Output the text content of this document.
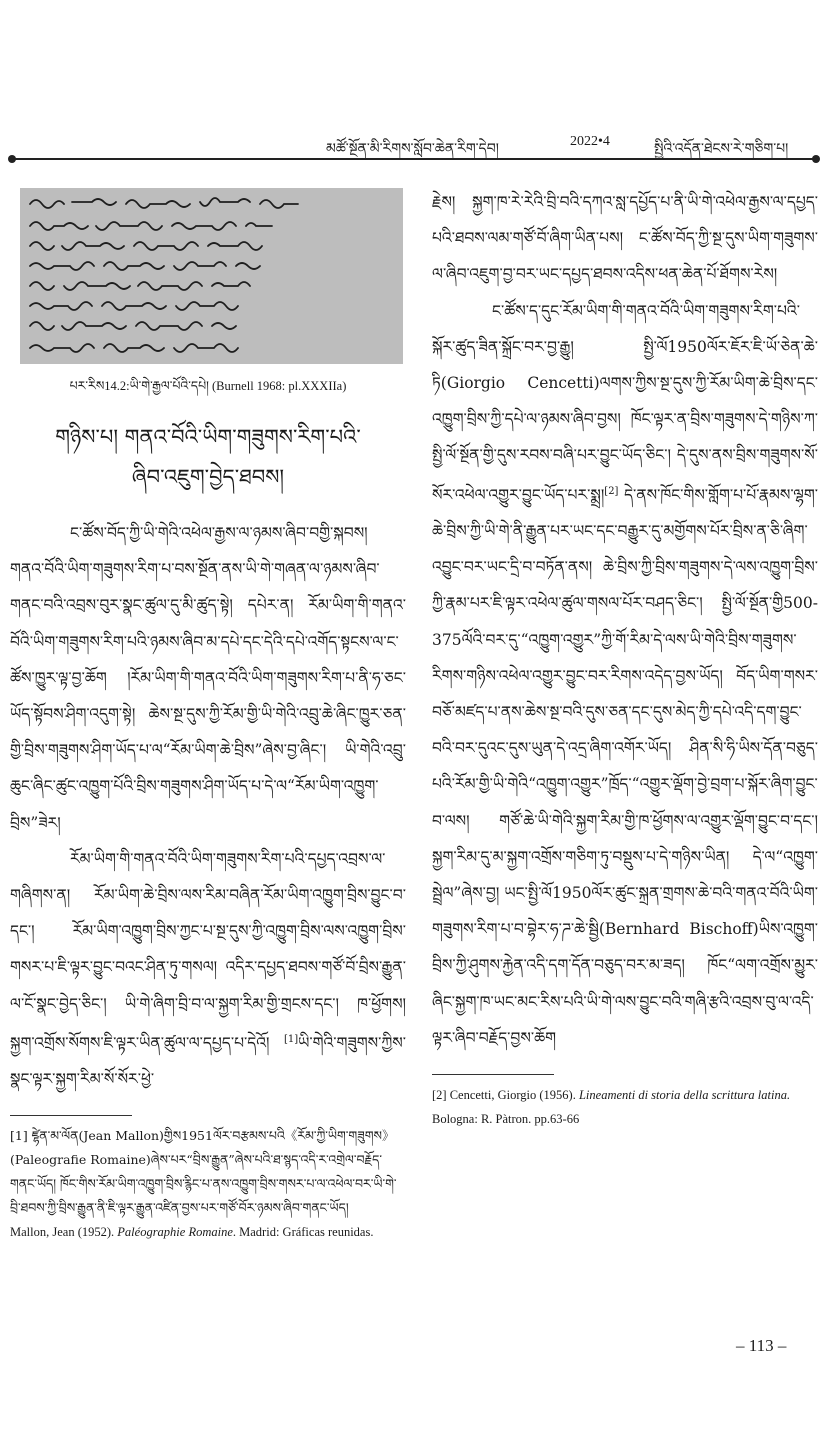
མཚོ་སྔོན་མི་རིགས་སློབ་ཆེན་རིག་དེབ།	2022•4	སྤྱིའི་འདོན་ཐེངས་རེ་གཅིག་པ།
པར་རིས14.2:ཡི་གེ་རྒྱལ་པོའི་དཔེ། (Burnell 1968: pl.XXXIIa)
གཉིས་པ། གནའ་བོའི་ཡིག་གཟུགས་རིག་པའི་
ཞིབ་འཇུག་བྱེད་ཐབས།

ང་ཚོས་བོད་ཀྱི་ཡི་གེའི་འཕེལ་རྒྱས་ལ་ཉམས་ཞིབ་བགྱི་སྐབས། གནའ་བོའི་ཡིག་གཟུགས་རིག་པ་བས་སྔོན་ནས་ཡི་གེ་གཞན་ལ་ཉམས་ཞིབ་གནང་བའི་འབྲས་བུར་སྣང་ཚུལ་དུ་མི་ཚུད་སྟེ། དཔེར་ན། རོམ་ཡིག་གི་གནའ་བོའི་ཡིག་གཟུགས་རིག་པའི་ཉམས་ཞིབ་མ་དཔེ་དང་དེའི་དཔེ་འགོད་སྟངས་ལ་ང་ཚོས་ཁྱུར་ལྟ་བྱ་ཆོག །རོམ་ཡིག་གི་གནའ་བོའི་ཡིག་གཟུགས་རིག་པ་ནི་ཧ་ཅང་ཡོད་སྟོབས་ཤིག་འདུག་སྟེ། ཆེས་སྔ་དུས་ཀྱི་རོམ་གྱི་ཡི་གེའི་འབྲུ་ཆེ་ཞིང་ཁྱུར་ཅན་གྱི་བྲིས་གཟུགས་ཤིག་ཡོད་པ་ལ“རོམ་ཡིག་ཆེ་བྲིས”ཞེས་བྱ་ཞིང་། ཡི་གེའི་འབྲུ་ཆུང་ཞིང་ཚུང་འཁྱུག་པོའི་བྲིས་གཟུགས་ཤིག་ཡོད་པ་དེ་ལ“རོམ་ཡིག་འཁྱུག་བྲིས”ཟེར།

རོམ་ཡིག་གི་གནའ་བོའི་ཡིག་གཟུགས་རིག་པའི་དཔྱད་འབྲས་ལ་གཞིགས་ན། རོམ་ཡིག་ཆེ་བྲིས་ལས་རིམ་བཞིན་རོམ་ཡིག་འཁྱུག་བྲིས་བྱུང་བ་དང་། རོམ་ཡིག་འཁྱུག་བྲིས་ཀྱང་པ་སྔ་དུས་ཀྱི་འཁྱུག་བྲིས་ལས་འཁྱུག་བྲིས་གསར་པ་ཇི་ལྟར་བྱུང་བའང་ཤིན་ཏུ་གསལ། འདིར་དཔྱད་ཐབས་གཙོ་བོ་བྲིས་རྒྱུན་ལ་ངོ་སྣང་བྱེད་ཅིང་། ཡི་གེ་ཞིག་བྲི་བ་ལ་སྐྱག་རིམ་གྱི་གྲངས་དང་། ཁ་ཕྱོགས། སྐྱག་འགྲོས་སོགས་ཇི་ལྟར་ཡིན་ཚུལ་ལ་དཔྱད་པ་དེའོ། [1]ཡི་གེའི་གཟུགས་ཀྱིས་སྣང་ལྟར་སྐྱག་རིམ་སོ་སོར་ཕྱེ་

[1] ཛྷེན་མ་ལོན(Jean Mallon)གྱིས1951ལོར་བརྩམས་པའི《རོམ་ཀྱི་ཡིག་གཟུགས》(Paleografie Romaine)ཞེས་པར“བྲིས་རྒྱུན”ཞེས་པའི་ཐ་སྙད་འདི་ར་འགྲེལ་བརྗོད་གནང་ཡོད། ཁོང་གིས་རོམ་ཡིག་འཁྱུག་བྲིས་རྙིང་པ་ནས་འཁྱུག་བྲིས་གསར་པ་ལ་འཕེལ་བར་ཡི་གེ་བྲི་ཐབས་ཀྱི་བྲིས་རྒྱུན་ནི་ཇི་ལྟར་རྒྱུན་འཛིན་བྱས་པར་གཙོ་བོར་ཉམས་ཞིབ་གནང་ཡོད།

Mallon, Jean (1952). Paléographie Romaine. Madrid: Gráficas reunidas.

རྗེས། སྐྱག་ཁ་རེ་རེའི་བྲི་བའི་དཀའ་སླ་དཔྱོད་པ་ནི་ཡི་གེ་འཕེལ་རྒྱས་ལ་དཔྱད་པའི་ཐབས་ལམ་གཙོ་བོ་ཞིག་ཡིན་པས། ང་ཚོས་བོད་ཀྱི་སྔ་དུས་ཡིག་གཟུགས་ལ་ཞིབ་འཇུག་བྱ་བར་ཡང་དཔྱད་ཐབས་འདིས་ཕན་ཆེན་པོ་ཐོགས་རེས།

ང་ཚོས་ད་དུང་རོམ་ཡིག་གི་གནའ་བོའི་ཡིག་གཟུགས་རིག་པའི་སྐོར་ཚུད་ཟིན་སྐྲོང་བར་བྱ་རྒྱུ། སྤྱི་ལོ1950ལོར་ཇོར་ཇི་ཡོ་ཅེན་ཆེ་ཏི(Giorgio Cencetti)ལགས་ཀྱིས་སྔ་དུས་ཀྱི་རོམ་ཡིག་ཆེ་བྲིས་དང་འཁྱུག་བྲིས་ཀྱི་དཔེ་ལ་ཉམས་ཞིབ་བྱས། ཁོང་ལྟར་ན་བྲིས་གཟུགས་དེ་གཉིས་ཀ་སྤྱི་ལོ་སྔོན་གྱི་དུས་རབས་བཞི་པར་བྱུང་ཡོད་ཅིང་། དེ་དུས་ནས་བྲིས་གཟུགས་སོ་སོར་འཕེལ་འགྱུར་བྱུང་ཡོད་པར་སྨྲ།[2] དེ་ནས་ཁོང་གིས་གློག་པ་པོ་རྣམས་ལྷག་ཆེ་བྲིས་ཀྱི་ཡི་གེ་ནི་རྒྱུན་པར་ཡང་དང་བརྒྱུར་དུ་མགྱོགས་པོར་བྲིས་ན་ཅི་ཞིག་འབྱུང་བར་ཡང་དྲི་བ་བཏོན་ནས། ཆེ་བྲིས་ཀྱི་བྲིས་གཟུགས་དེ་ལས་འཁྱུག་བྲིས་ཀྱི་རྣམ་པར་ཇི་ལྟར་འཕེལ་ཚུལ་གསལ་པོར་བཤད་ཅིང་། སྤྱི་ལོ་སྔོན་གྱི500-375ལོའི་བར་དུ་“འཁྱུག་འགྱུར”ཀྱི་གོ་རིམ་དེ་ལས་ཡི་གེའི་བྲིས་གཟུགས་རིགས་གཉིས་འཕེལ་འགྱུར་བྱུང་བར་རིགས་འདེད་བྱས་ཡོད། བོད་ཡིག་གསར་བཅོ་མཛད་པ་ནས་ཆེས་སྔ་བའི་དུས་ཅན་དང་དུས་མེད་ཀྱི་དཔེ་འདི་དག་བྱུང་བའི་བར་དུའང་དུས་ཡུན་དེ་འདྲ་ཞིག་འགོར་ཡོད། ཤིན་སི་ཧི་ཡིས་དོན་བཅུད་པའི་རོམ་གྱི་ཡི་གེའི“འཁྱུག་འགྱུར”ཁྲོད་“འགྱུར་ལྡོག་བྱེ་བྲག་པ་སྐོར་ཞིག་བྱུང་བ་ལས། གཙོ་ཆེ་ཡི་གེའི་སྐྱག་རིམ་གྱི་ཁ་ཕྱོགས་ལ་འགྱུར་ལྡོག་བྱུང་བ་དང་། སྐྱག་རིམ་དུ་མ་སྐྱག་འགྲོས་གཅིག་ཏུ་བསྡུས་པ་དེ་གཉིས་ཡིན། དེ་ལ“འཁྱུག་སྦྲེལ”ཞེས་བྱ། ཡང་སྤྱི་ལོ1950ལོར་ཚུང་སྐྲན་གྲགས་ཆེ་བའི་གནའ་བོའི་ཡིག་གཟུགས་རིག་པ་བ་བྷེར་ཧ་ཌ་ཆེ་སྦྱི(Bernhard Bischoff)ཡིས་འཁྱུག་བྲིས་ཀྱི་ཤུགས་རྐྱེན་འདི་དག་དོན་བཅུད་བར་མ་ཟད། ཁོང“ལག་འགྲོས་མྱུར་ཞིང་སྐྱག་ཁ་ཡང་མང་རིས་པའི་ཡི་གེ་ལས་བྱུང་བའི་གཞི་རྩའི་འབྲས་བུ་ལ་འདི་ལྟར་ཞིབ་བརྗོད་བྱས་ཆོག

[2] Cencetti, Giorgio (1956). Lineamenti di storia della scrittura latina.
Bologna: R. Pàtron. pp.63-66

– 113 –
